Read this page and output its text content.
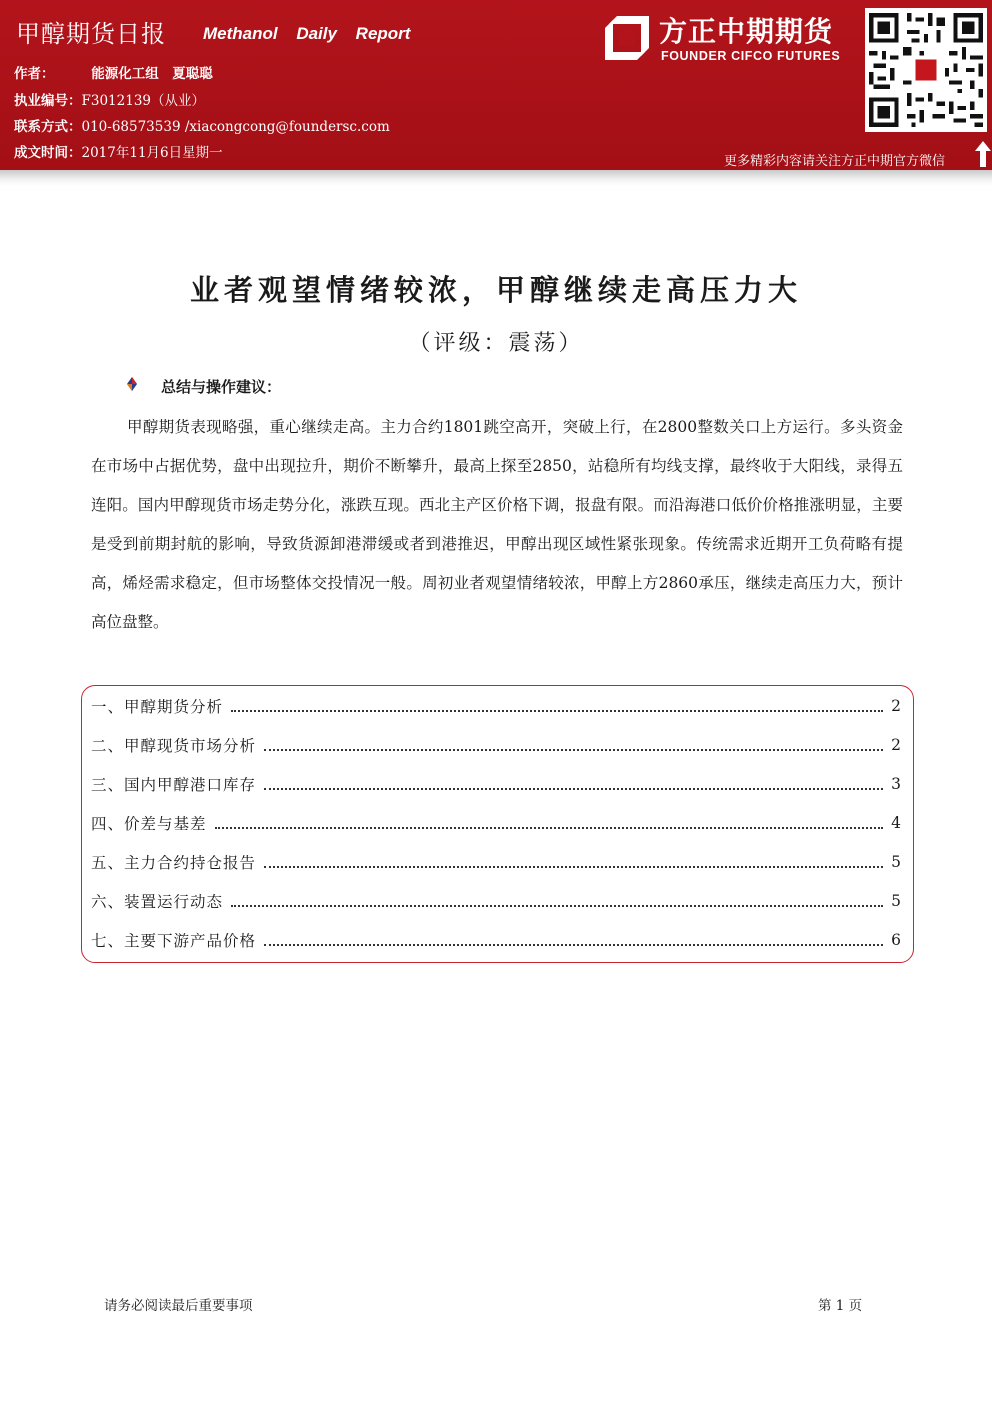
甲醇期货日报 Methanol Daily Report
作者：	能源化工组　夏聪聪
执业编号：F3012139（从业）
联系方式：010-68573539 /xiacongcong@foundersc.com
成文时间：2017年11月6日星期一
方正中期期货
FOUNDER CIFCO FUTURES
更多精彩内容请关注方正中期官方微信
业者观望情绪较浓，甲醇继续走高压力大
（评级：震荡）
总结与操作建议：

甲醇期货表现略强，重心继续走高。主力合约1801跳空高开，突破上行，在2800整数关口上方运行。多头资金在市场中占据优势，盘中出现拉升，期价不断攀升，最高上探至2850，站稳所有均线支撑，最终收于大阳线，录得五连阳。国内甲醇现货市场走势分化，涨跌互现。西北主产区价格下调，报盘有限。而沿海港口低价价格推涨明显，主要是受到前期封航的影响，导致货源卸港滞缓或者到港推迟，甲醇出现区域性紧张现象。传统需求近期开工负荷略有提高，烯烃需求稳定，但市场整体交投情况一般。周初业者观望情绪较浓，甲醇上方2860承压，继续走高压力大，预计高位盘整。

一、甲醇期货分析	2
二、甲醇现货市场分析	2
三、国内甲醇港口库存	3
四、价差与基差	4
五、主力合约持仓报告	5
六、装置运行动态	5
七、主要下游产品价格	6
请务必阅读最后重要事项	第 1 页
